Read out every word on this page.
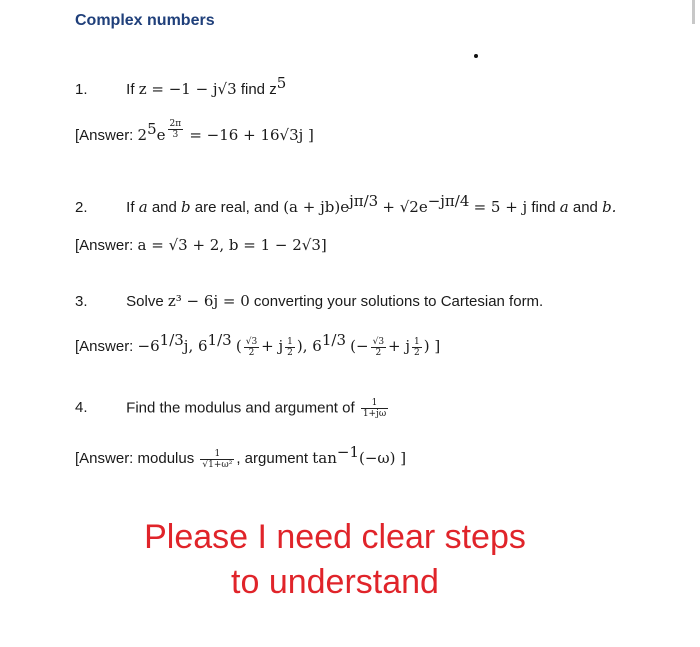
Complex numbers
1.	If z = −1 − j√3 find $z^5$
[Answer: $2^5e \frac{2\pi}{3} = -16 + 16√3j$ ]
2.	If a and b are real, and $(a + jb)e^{j\pi/3} + √2e^{-j\pi/4} = 5 + j$ find a and b.
[Answer: a = √3 + 2, b = 1 − 2√3]
3.	Solve z³ − 6j = 0 converting your solutions to Cartesian form.
[Answer: $-6^{1/3}j$, $6^{1/3}$ ( $\frac{√3}{2} + j \frac{1}{2}$ ), $6^{1/3}$ (− $\frac{√3}{2} + j \frac{1}{2}$ ) ]
4.	Find the modulus and argument of $\frac{1}{1+j\omega}$
[Answer: modulus $\frac{1}{\text{√1+ω²}}$ , argument $\tan^{-1}(-\omega)$ ]
Please I need clear steps
to understand
